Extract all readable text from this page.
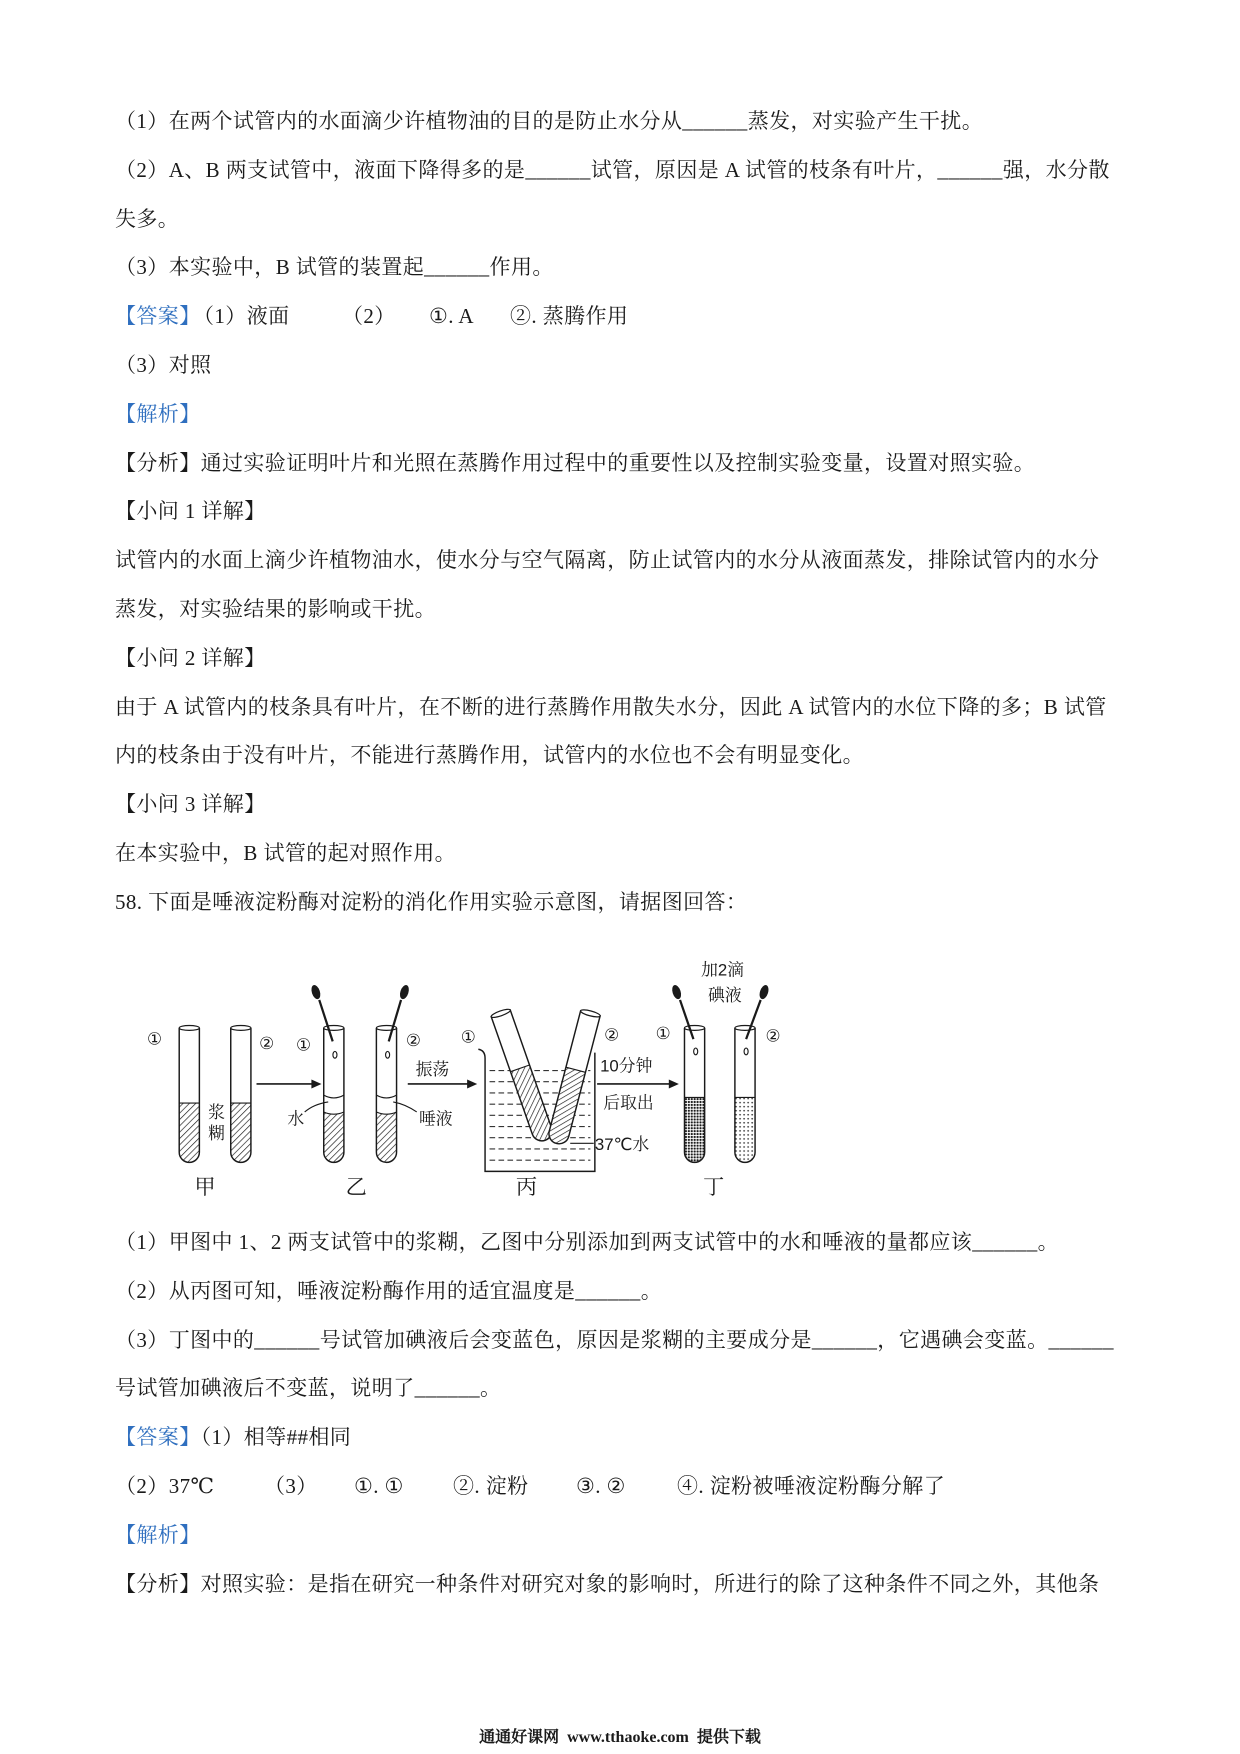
（1）在两个试管内的水面滴少许植物油的目的是防止水分从______蒸发，对实验产生干扰。
（2）A、B 两支试管中，液面下降得多的是______试管，原因是 A 试管的枝条有叶片，______强，水分散
失多。
（3）本实验中，B 试管的装置起______作用。
【答案】
（1）液面	（2） ①. A ②. 蒸腾作用
（3）对照
【解析】
【分析】通过实验证明叶片和光照在蒸腾作用过程中的重要性以及控制实验变量，设置对照实验。
【小问 1 详解】
试管内的水面上滴少许植物油水，使水分与空气隔离，防止试管内的水分从液面蒸发，排除试管内的水分
蒸发，对实验结果的影响或干扰。
【小问 2 详解】
由于 A 试管内的枝条具有叶片，在不断的进行蒸腾作用散失水分，因此 A 试管内的水位下降的多；B 试管
内的枝条由于没有叶片，不能进行蒸腾作用，试管内的水位也不会有明显变化。
【小问 3 详解】
在本实验中，B 试管的起对照作用。
58. 下面是唾液淀粉酶对淀粉的消化作用实验示意图，请据图回答：
①	②
浆糊
甲
水	唾液
①	②
乙
振荡
37℃水
①	②
丙
10分钟
后取出
加2滴
碘液
①	②
丁
（1）甲图中 1、2 两支试管中的浆糊，乙图中分别添加到两支试管中的水和唾液的量都应该______。
（2）从丙图可知，唾液淀粉酶作用的适宜温度是______。
（3）丁图中的______号试管加碘液后会变蓝色，原因是浆糊的主要成分是______，它遇碘会变蓝。______
号试管加碘液后不变蓝，说明了______。
【答案】（1）相等##相同
（2）37℃ （3） ①. ① ②. 淀粉 ③. ② ④. 淀粉被唾液淀粉酶分解了
【解析】
【分析】对照实验：是指在研究一种条件对研究对象的影响时，所进行的除了这种条件不同之外，其他条
通通好课网  www.tthaoke.com  提供下载
